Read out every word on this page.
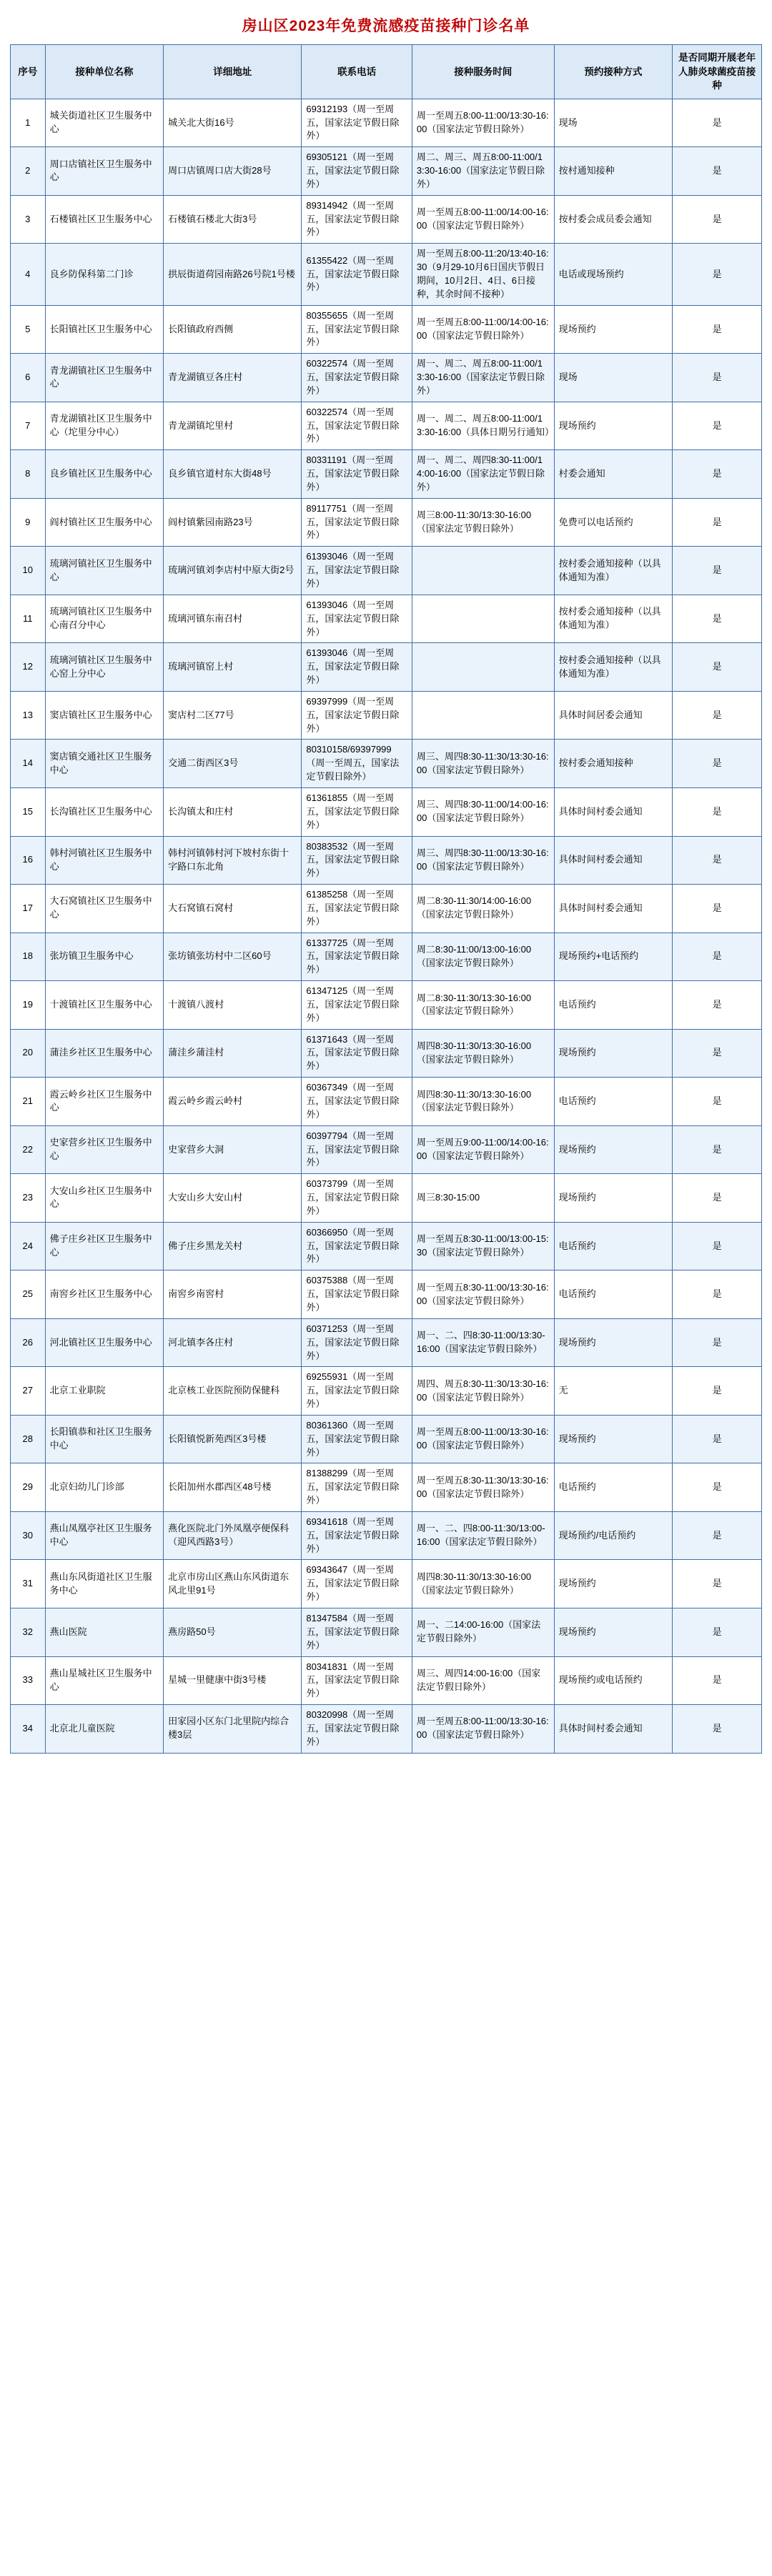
房山区2023年免费流感疫苗接种门诊名单
序号	接种单位名称	详细地址	联系电话	接种服务时间	预约接种方式	是否同期开展老年人肺炎球菌疫苗接种
1	城关街道社区卫生服务中心	城关北大街16号	69312193（周一至周五，国家法定节假日除外）	周一至周五8:00-11:00/13:30-16:00（国家法定节假日除外）	现场	是
2	周口店镇社区卫生服务中心	周口店镇周口店大街28号	69305121（周一至周五，国家法定节假日除外）	周二、周三、周五8:00-11:00/13:30-16:00（国家法定节假日除外）	按村通知接种	是
3	石楼镇社区卫生服务中心	石楼镇石楼北大街3号	89314942（周一至周五，国家法定节假日除外）	周一至周五8:00-11:00/14:00-16:00（国家法定节假日除外）	按村委会成员委会通知	是
4	良乡防保科第二门诊	拱辰街道荷园南路26号院1号楼	61355422（周一至周五，国家法定节假日除外）	周一至周五8:00-11:20/13:40-16:30（9月29-10月6日国庆节假日期间，10月2日、4日、6日接种，其余时间不接种）	电话或现场预约	是
5	长阳镇社区卫生服务中心	长阳镇政府西侧	80355655（周一至周五，国家法定节假日除外）	周一至周五8:00-11:00/14:00-16:00（国家法定节假日除外）	现场预约	是
6	青龙湖镇社区卫生服务中心	青龙湖镇豆各庄村	60322574（周一至周五，国家法定节假日除外）	周一、周二、周五8:00-11:00/13:30-16:00（国家法定节假日除外）	现场	是
7	青龙湖镇社区卫生服务中心（坨里分中心）	青龙湖镇坨里村	60322574（周一至周五，国家法定节假日除外）	周一、周二、周五8:00-11:00/13:30-16:00（具体日期另行通知）	现场预约	是
8	良乡镇社区卫生服务中心	良乡镇官道村东大街48号	80331191（周一至周五，国家法定节假日除外）	周一、周二、周四8:30-11:00/14:00-16:00（国家法定节假日除外）	村委会通知	是
9	阎村镇社区卫生服务中心	阎村镇紫园南路23号	89117751（周一至周五，国家法定节假日除外）	周三8:00-11:30/13:30-16:00（国家法定节假日除外）	免费可以电话预约	是
10	琉璃河镇社区卫生服务中心	琉璃河镇刘李店村中原大街2号	61393046（周一至周五，国家法定节假日除外）		按村委会通知接种（以具体通知为准）	是
11	琉璃河镇社区卫生服务中心南召分中心	琉璃河镇东南召村	61393046（周一至周五，国家法定节假日除外）		按村委会通知接种（以具体通知为准）	是
12	琉璃河镇社区卫生服务中心窑上分中心	琉璃河镇窑上村	61393046（周一至周五，国家法定节假日除外）		按村委会通知接种（以具体通知为准）	是
13	窦店镇社区卫生服务中心	窦店村二区77号	69397999（周一至周五，国家法定节假日除外）		具体时间居委会通知	是
14	窦店镇交通社区卫生服务中心	交通二街西区3号	80310158/69397999（周一至周五，国家法定节假日除外）	周三、周四8:30-11:30/13:30-16:00（国家法定节假日除外）	按村委会通知接种	是
15	长沟镇社区卫生服务中心	长沟镇太和庄村	61361855（周一至周五，国家法定节假日除外）	周三、周四8:30-11:00/14:00-16:00（国家法定节假日除外）	具体时间村委会通知	是
16	韩村河镇社区卫生服务中心	韩村河镇韩村河下坡村东街十字路口东北角	80383532（周一至周五，国家法定节假日除外）	周三、周四8:30-11:00/13:30-16:00（国家法定节假日除外）	具体时间村委会通知	是
17	大石窝镇社区卫生服务中心	大石窝镇石窝村	61385258（周一至周五，国家法定节假日除外）	周二8:30-11:30/14:00-16:00（国家法定节假日除外）	具体时间村委会通知	是
18	张坊镇卫生服务中心	张坊镇张坊村中二区60号	61337725（周一至周五，国家法定节假日除外）	周二8:30-11:00/13:00-16:00（国家法定节假日除外）	现场预约+电话预约	是
19	十渡镇社区卫生服务中心	十渡镇八渡村	61347125（周一至周五，国家法定节假日除外）	周二8:30-11:30/13:30-16:00（国家法定节假日除外）	电话预约	是
20	蒲洼乡社区卫生服务中心	蒲洼乡蒲洼村	61371643（周一至周五，国家法定节假日除外）	周四8:30-11:30/13:30-16:00（国家法定节假日除外）	现场预约	是
21	霞云岭乡社区卫生服务中心	霞云岭乡霞云岭村	60367349（周一至周五，国家法定节假日除外）	周四8:30-11:30/13:30-16:00（国家法定节假日除外）	电话预约	是
22	史家营乡社区卫生服务中心	史家营乡大洞	60397794（周一至周五，国家法定节假日除外）	周一至周五9:00-11:00/14:00-16:00（国家法定节假日除外）	现场预约	是
23	大安山乡社区卫生服务中心	大安山乡大安山村	60373799（周一至周五，国家法定节假日除外）	周三8:30-15:00	现场预约	是
24	佛子庄乡社区卫生服务中心	佛子庄乡黑龙关村	60366950（周一至周五，国家法定节假日除外）	周一至周五8:30-11:00/13:00-15:30（国家法定节假日除外）	电话预约	是
25	南窖乡社区卫生服务中心	南窖乡南窖村	60375388（周一至周五，国家法定节假日除外）	周一至周五8:30-11:00/13:30-16:00（国家法定节假日除外）	电话预约	是
26	河北镇社区卫生服务中心	河北镇李各庄村	60371253（周一至周五，国家法定节假日除外）	周一、二、四8:30-11:00/13:30-16:00（国家法定节假日除外）	现场预约	是
27	北京工业职院	北京核工业医院预防保健科	69255931（周一至周五，国家法定节假日除外）	周四、周五8:30-11:30/13:30-16:00（国家法定节假日除外）	无	是
28	长阳镇恭和社区卫生服务中心	长阳镇悦新苑西区3号楼	80361360（周一至周五，国家法定节假日除外）	周一至周五8:00-11:00/13:30-16:00（国家法定节假日除外）	现场预约	是
29	北京妇幼儿门诊部	长阳加州水郡西区48号楼	81388299（周一至周五，国家法定节假日除外）	周一至周五8:30-11:30/13:30-16:00（国家法定节假日除外）	电话预约	是
30	燕山凤凰亭社区卫生服务中心	燕化医院北门外凤凰亭便保科（迎风西路3号）	69341618（周一至周五，国家法定节假日除外）	周一、二、四8:00-11:30/13:00-16:00（国家法定节假日除外）	现场预约/电话预约	是
31	燕山东风街道社区卫生服务中心	北京市房山区燕山东风街道东风北里91号	69343647（周一至周五，国家法定节假日除外）	周四8:30-11:30/13:30-16:00（国家法定节假日除外）	现场预约	是
32	燕山医院	燕房路50号	81347584（周一至周五，国家法定节假日除外）	周一、二14:00-16:00（国家法定节假日除外）	现场预约	是
33	燕山星城社区卫生服务中心	星城一里健康中街3号楼	80341831（周一至周五，国家法定节假日除外）	周三、周四14:00-16:00（国家法定节假日除外）	现场预约或电话预约	是
34	北京北儿童医院	田家园小区东门北里院内综合楼3层	80320998（周一至周五，国家法定节假日除外）	周一至周五8:00-11:00/13:30-16:00（国家法定节假日除外）	具体时间村委会通知	是
